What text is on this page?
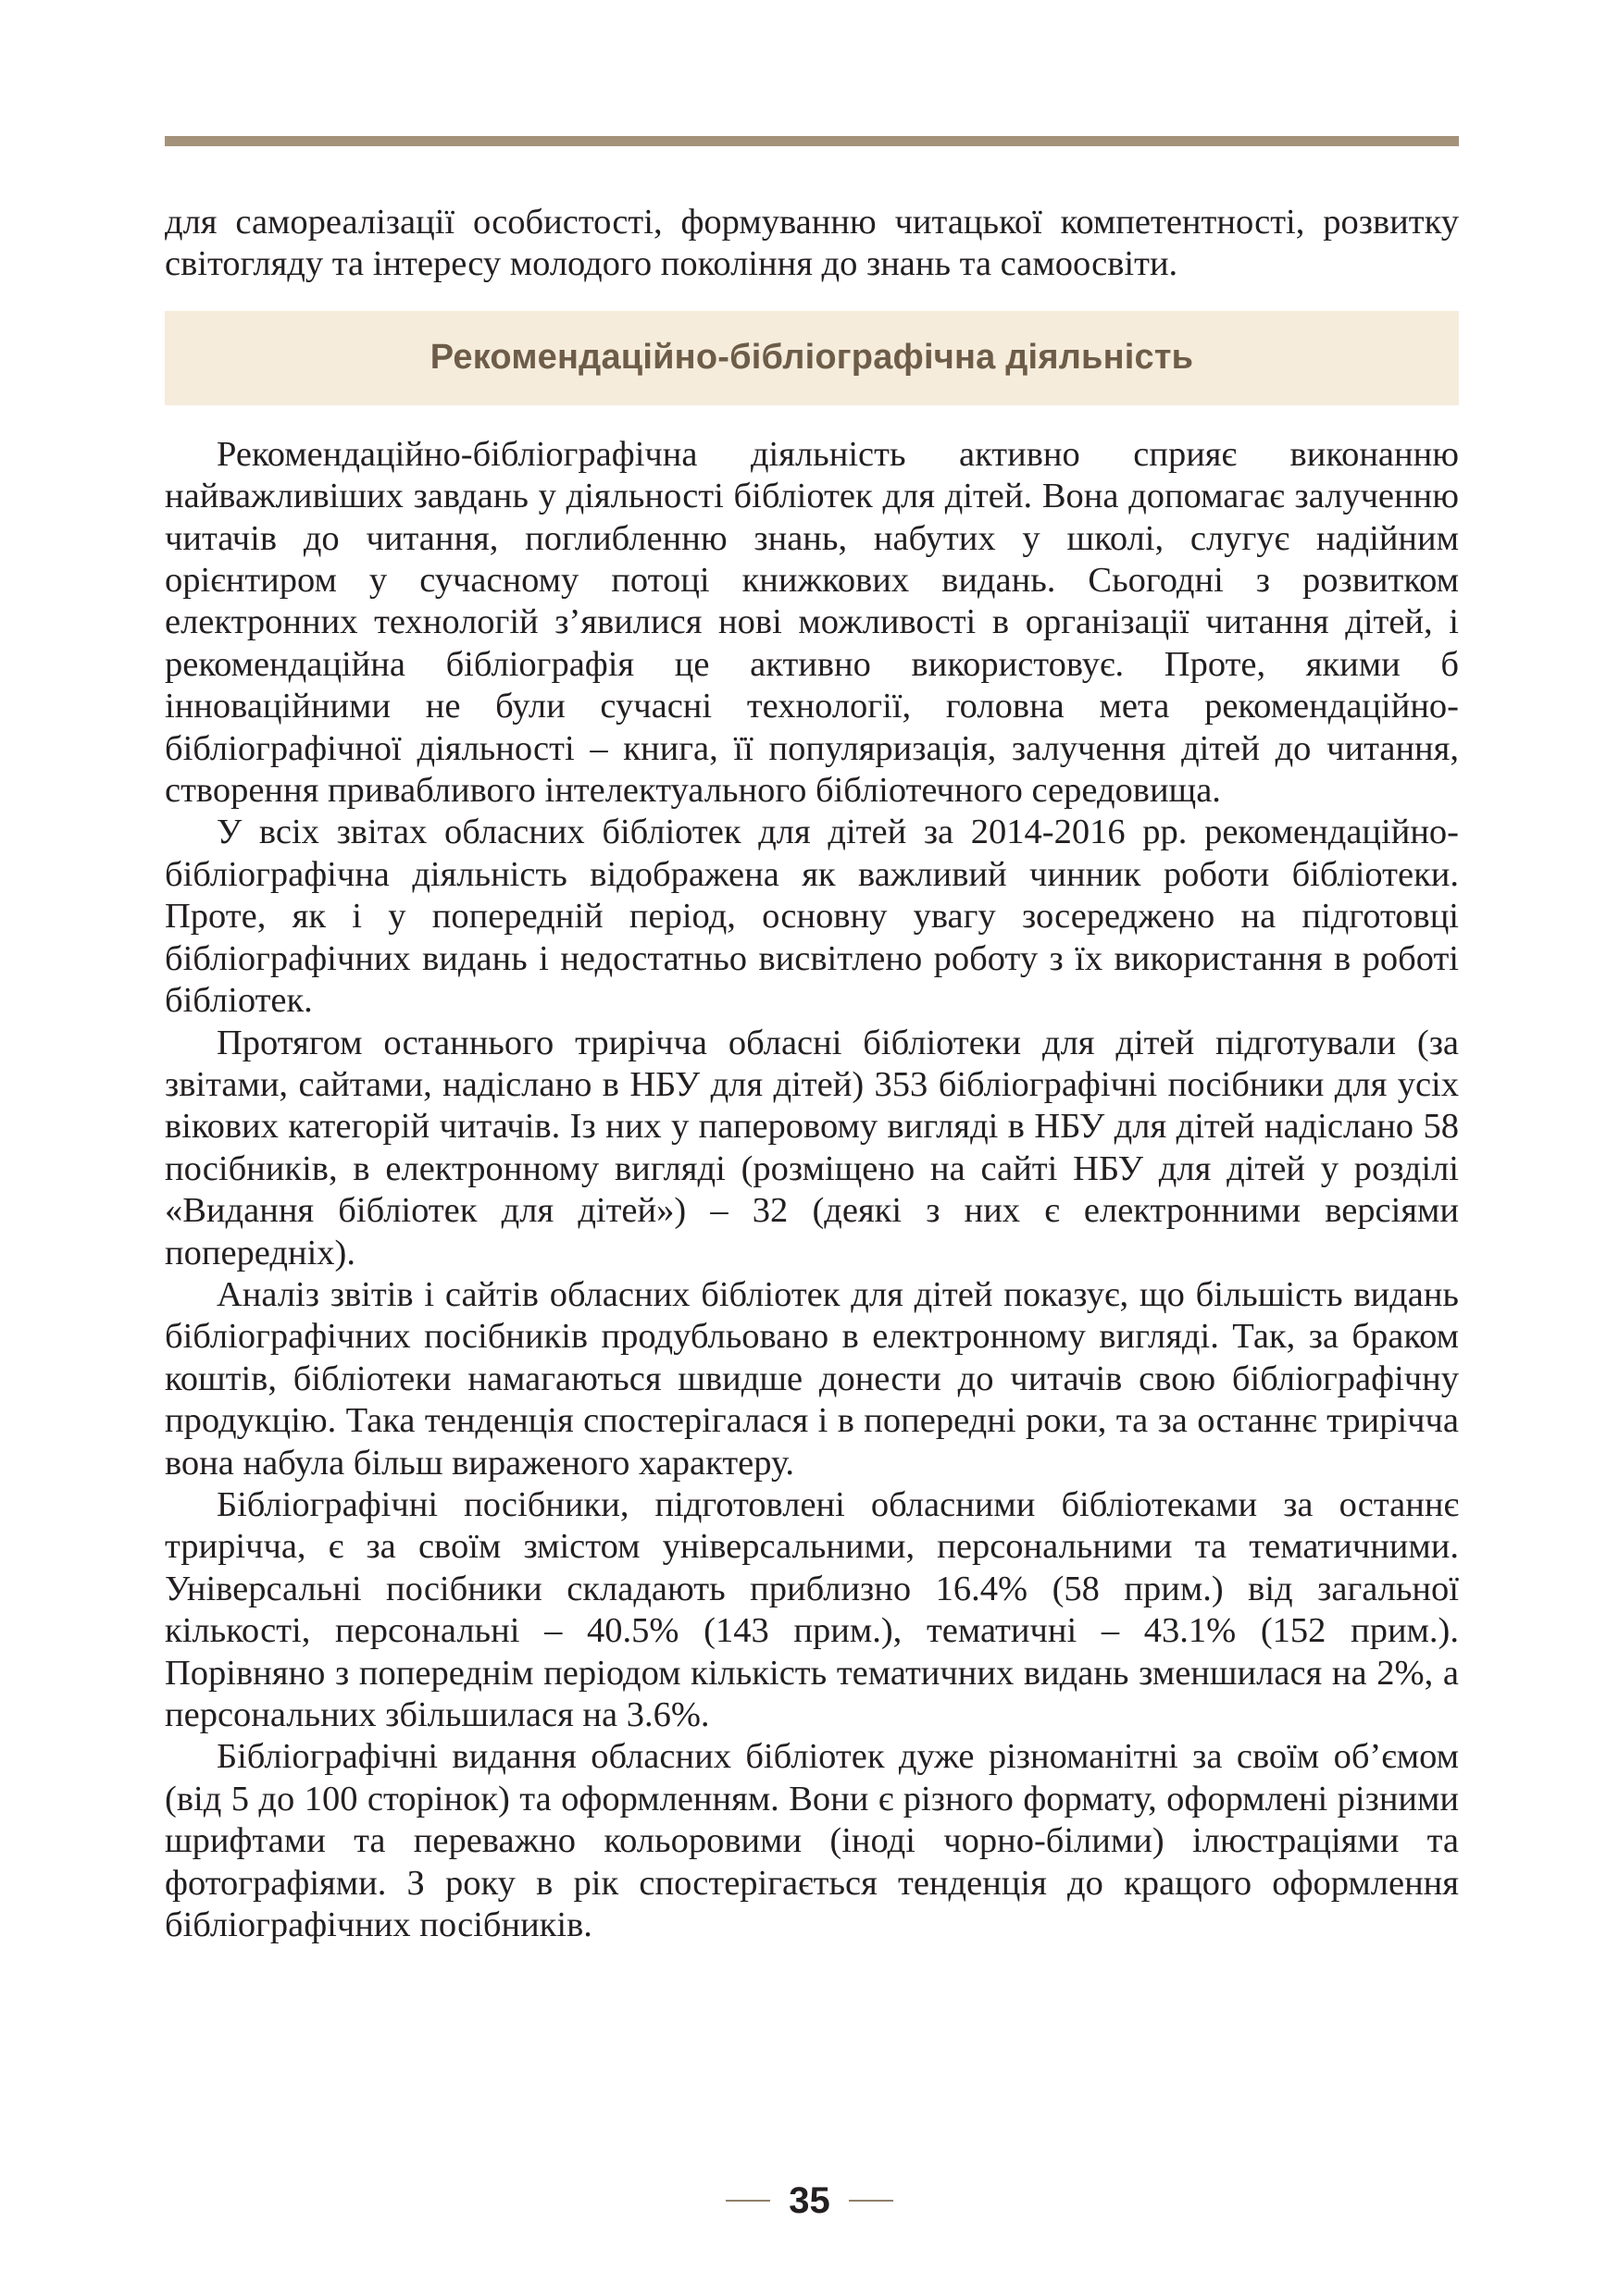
для самореалізації особистості, формуванню читацької компетентності, розвитку світогляду та інтересу молодого покоління до знань та самоосвіти.

Рекомендаційно-бібліографічна діяльність

Рекомендаційно-бібліографічна діяльність активно сприяє виконанню найважливіших завдань у діяльності бібліотек для дітей. Вона допомагає залученню читачів до читання, поглибленню знань, набутих у школі, слугує надійним орієнтиром у сучасному потоці книжкових видань. Сьогодні з розвитком електронних технологій з’явилися нові можливості в організації читання дітей, і рекомендаційна бібліографія це активно використовує. Проте, якими б інноваційними не були сучасні технології, головна мета рекомендаційно-бібліографічної діяльності – книга, її популяризація, залучення дітей до читання, створення привабливого інтелектуального бібліотечного середовища.

У всіх звітах обласних бібліотек для дітей за 2014-2016 рр. рекомендаційно-бібліографічна діяльність відображена як важливий чинник роботи бібліотеки. Проте, як і у попередній період, основну увагу зосереджено на підготовці бібліографічних видань і недостатньо висвітлено роботу з їх використання в роботі бібліотек.

Протягом останнього трирічча обласні бібліотеки для дітей підготували (за звітами, сайтами, надіслано в НБУ для дітей) 353 бібліографічні посібники для усіх вікових категорій читачів. Із них у паперовому вигляді в НБУ для дітей надіслано 58 посібників, в електронному вигляді (розміщено на сайті НБУ для дітей у розділі «Видання бібліотек для дітей») – 32 (деякі з них є електронними версіями попередніх).

Аналіз звітів і сайтів обласних бібліотек для дітей показує, що більшість видань бібліографічних посібників продубльовано в електронному вигляді. Так, за браком коштів, бібліотеки намагаються швидше донести до читачів свою бібліографічну продукцію. Така тенденція спостерігалася і в попередні роки, та за останнє трирічча вона набула більш вираженого характеру.

Бібліографічні посібники, підготовлені обласними бібліотеками за останнє трирічча, є за своїм змістом універсальними, персональними та тематичними. Універсальні посібники складають приблизно 16.4% (58 прим.) від загальної кількості, персональні – 40.5% (143 прим.), тематичні – 43.1% (152 прим.). Порівняно з попереднім періодом кількість тематичних видань зменшилася на 2%, а персональних збільшилася на 3.6%.

Бібліографічні видання обласних бібліотек дуже різноманітні за своїм об’ємом (від 5 до 100 сторінок) та оформленням. Вони є різного формату, оформлені різними шрифтами та переважно кольоровими (іноді чорно-білими) ілюстраціями та фотографіями. З року в рік спостерігається тенденція до кращого оформлення бібліографічних посібників.

35
